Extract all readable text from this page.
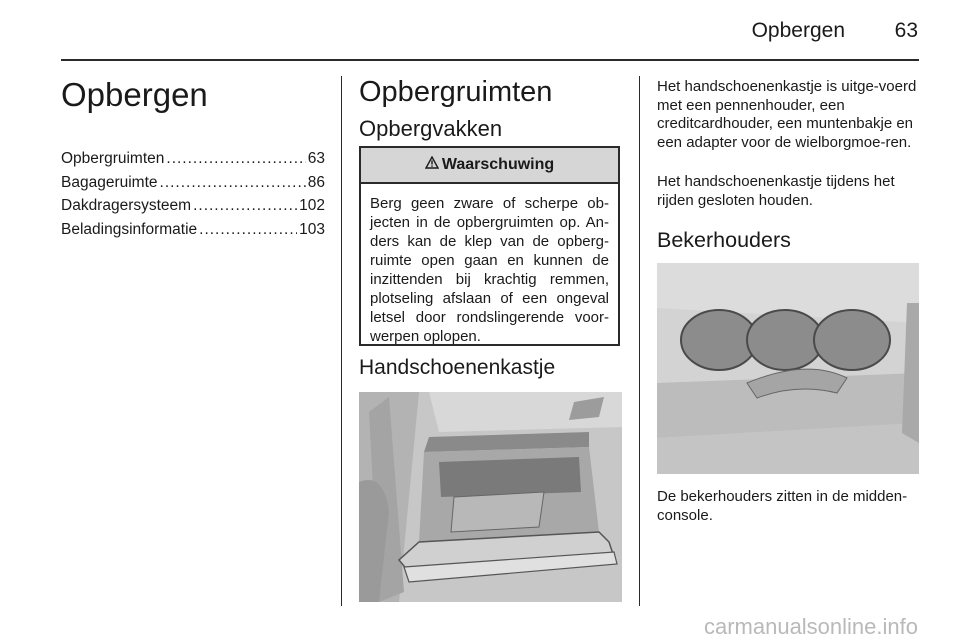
Opbergen 63
Opbergen
Opbergruimten .....	63
Bagageruimte .....	86
Dakdragersysteem .....	102
Beladingsinformatie .....	103
Opbergruimten
Opbergvakken
Waarschuwing
Berg geen zware of scherpe ob-jecten in de opbergruimten op. An-ders kan de klep van de opberg-ruimte open gaan en kunnen de inzittenden bij krachtig remmen, plotseling afslaan of een ongeval letsel door rondslingerende voor-werpen oplopen.
Handschoenenkastje
Het handschoenenkastje is uitge-voerd met een pennenhouder, een creditcardhouder, een muntenbakje en een adapter voor de wielborgmoe-ren.
Het handschoenenkastje tijdens het rijden gesloten houden.
Bekerhouders
De bekerhouders zitten in de midden-console.
carmanualsonline.info
